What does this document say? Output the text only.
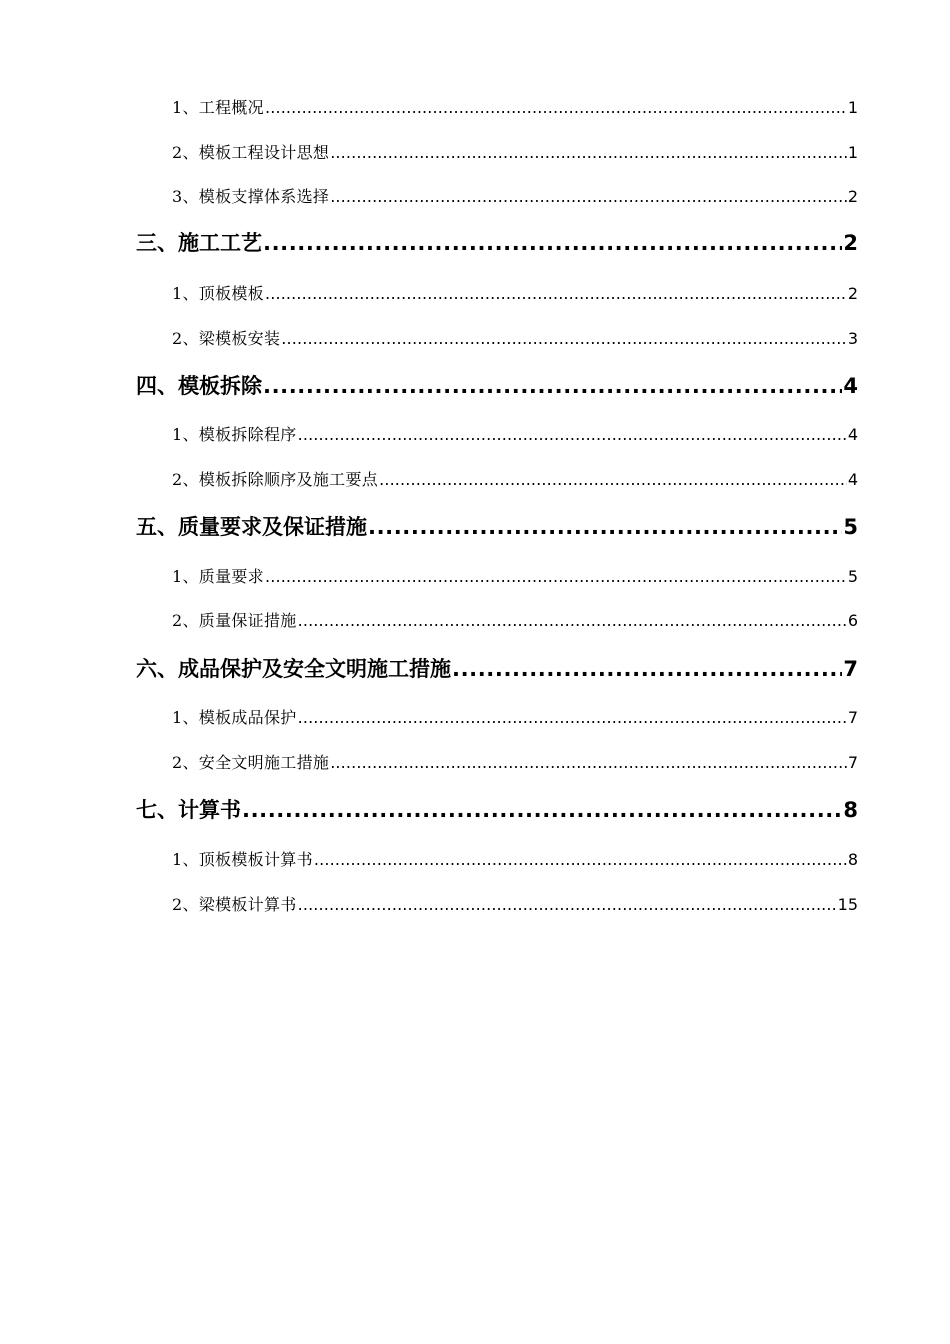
1、工程概况 .....	1
2、模板工程设计思想 .....	1
3、模板支撑体系选择 .....	2
三、施工工艺 .....	2
1、顶板模板 .....	2
2、梁模板安装 .....	3
四、模板拆除 .....	4
1、模板拆除程序 .....	4
2、模板拆除顺序及施工要点 .....	4
五、质量要求及保证措施 .....	5
1、质量要求 .....	5
2、质量保证措施 .....	6
六、成品保护及安全文明施工措施 .....	7
1、模板成品保护 .....	7
2、安全文明施工措施 .....	7
七、计算书 .....	8
1、顶板模板计算书 .....	8
2、梁模板计算书 .....	15
